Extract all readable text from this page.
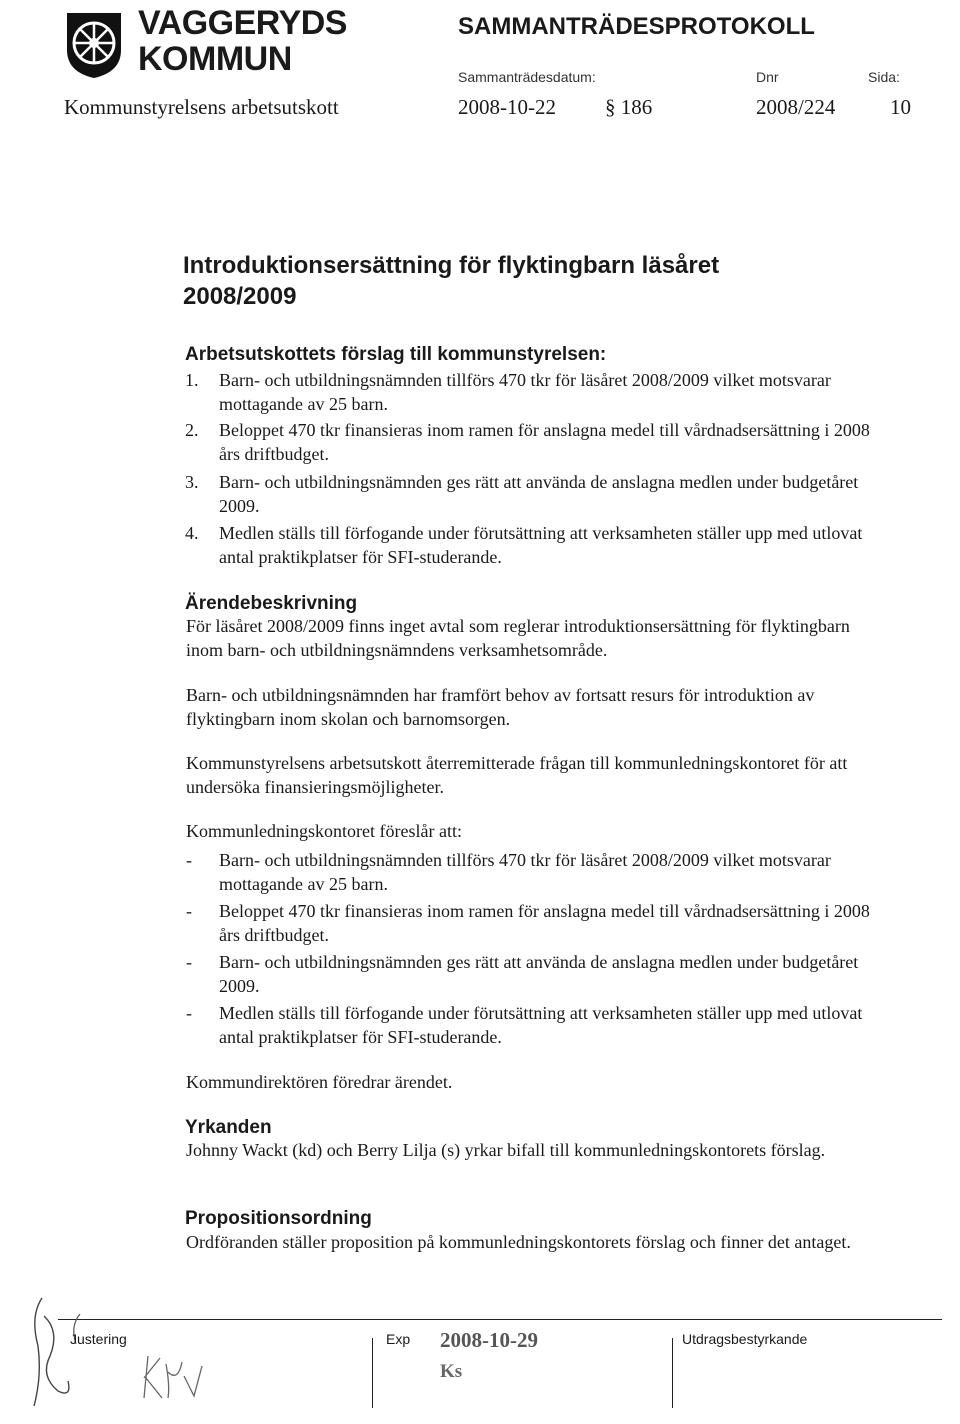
VAGGERYDS
KOMMUN
SAMMANTRÄDESPROTOKOLL
Sammanträdesdatum:	Dnr	Sida:
Kommunstyrelsens arbetsutskott	2008-10-22 § 186	2008/224	10
Introduktionsersättning för flyktingbarn läsåret 2008/2009
Arbetsutskottets förslag till kommunstyrelsen:
1. Barn- och utbildningsnämnden tillförs 470 tkr för läsåret 2008/2009 vilket motsvarar mottagande av 25 barn.
2. Beloppet 470 tkr finansieras inom ramen för anslagna medel till vårdnadsersättning i 2008 års driftbudget.
3. Barn- och utbildningsnämnden ges rätt att använda de anslagna medlen under budgetåret 2009.
4. Medlen ställs till förfogande under förutsättning att verksamheten ställer upp med utlovat antal praktikplatser för SFI-studerande.
Ärendebeskrivning
För läsåret 2008/2009 finns inget avtal som reglerar introduktionsersättning för flyktingbarn inom barn- och utbildningsnämndens verksamhetsområde.
Barn- och utbildningsnämnden har framfört behov av fortsatt resurs för introduktion av flyktingbarn inom skolan och barnomsorgen.
Kommunstyrelsens arbetsutskott återremitterade frågan till kommunledningskontoret för att undersöka finansieringsmöjligheter.
Kommunledningskontoret föreslår att:
- Barn- och utbildningsnämnden tillförs 470 tkr för läsåret 2008/2009 vilket motsvarar mottagande av 25 barn.
- Beloppet 470 tkr finansieras inom ramen för anslagna medel till vårdnadsersättning i 2008 års driftbudget.
- Barn- och utbildningsnämnden ges rätt att använda de anslagna medlen under budgetåret 2009.
- Medlen ställs till förfogande under förutsättning att verksamheten ställer upp med utlovat antal praktikplatser för SFI-studerande.
Kommundirektören föredrar ärendet.
Yrkanden
Johnny Wackt (kd) och Berry Lilja (s) yrkar bifall till kommunledningskontorets förslag.
Propositionsordning
Ordföranden ställer proposition på kommunledningskontorets förslag och finner det antaget.
Justering	Exp 2008-10-29
Ks
Utdragsbestyrkande
